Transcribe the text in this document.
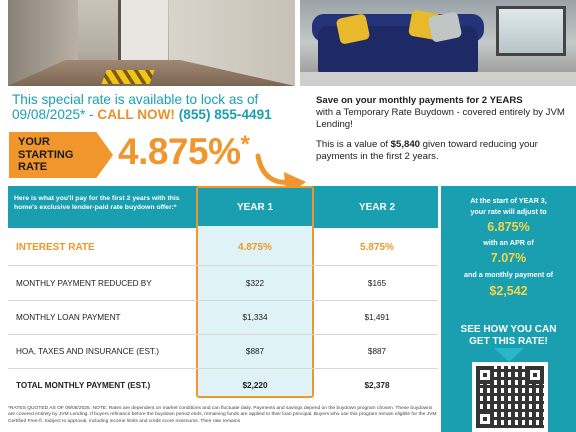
This special rate is available to lock as of
09/08/2025* - CALL NOW! (855) 855-4491

Save on your monthly payments for 2 YEARS
with a Temporary Rate Buydown - covered entirely by JVM Lending!

This is a value of $5,840 given toward reducing your payments in the first 2 years.

YOUR STARTING RATE	4.875%*
Here is what you'll pay for the first 2 years with this home's exclusive lender-paid rate buydown offer:*	YEAR 1	YEAR 2
INTEREST RATE	4.875%	5.875%
MONTHLY PAYMENT REDUCED BY	$322	$165
MONTHLY LOAN PAYMENT	$1,334	$1,491
HOA, TAXES AND INSURANCE (EST.)	$887	$887
TOTAL MONTHLY PAYMENT (EST.)	$2,220	$2,378
At the start of YEAR 3,
your rate will adjust to
6.875%
with an APR of
7.07%
and a monthly payment of
$2,542
SEE HOW YOU CAN GET THIS RATE!
*RATES QUOTED AS OF 09/08/2025. NOTE: Rates are dependent on market conditions and can fluctuate daily. Payments and savings depend on the buydown program chosen. These buydowns are covered entirely by JVM Lending. If buyers refinance before the buydown period ends, remaining funds are applied to their loan principal. Buyers who use this program remain eligible for the JVM Certified Free-fi. Subject to approval, including income limits and credit score minimums. Their rate remains
